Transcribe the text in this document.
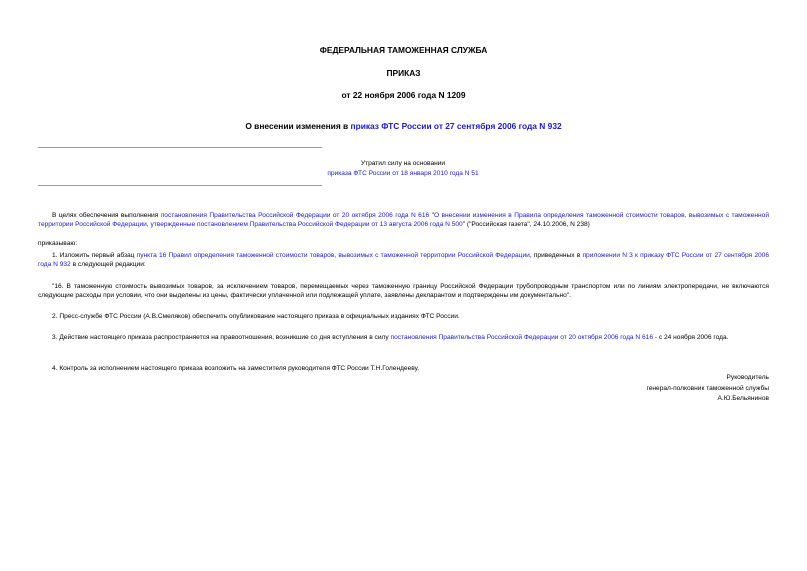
ФЕДЕРАЛЬНАЯ ТАМОЖЕННАЯ СЛУЖБА
ПРИКАЗ
от 22 ноября 2006 года N 1209
О внесении изменения в приказ ФТС России от 27 сентября 2006 года N 932
Утратил силу на основании
приказа ФТС России от 18 января 2010 года N 51
В целях обеспечения выполнения постановления Правительства Российской Федерации от 20 октября 2006 года N 616 "О внесении изменения в Правила определения таможенной стоимости товаров, вывозимых с таможенной территории Российской Федерации, утвержденные постановлением Правительства Российской Федерации от 13 августа 2006 года N 500" ("Российская газета", 24.10.2006, N 238)
приказываю:
1. Изложить первый абзац пункта 16 Правил определения таможенной стоимости товаров, вывозимых с таможенной территории Российской Федерации, приведенных в приложении N 3 к приказу ФТС России от 27 сентября 2006 года N 932 в следующей редакции:
"16. В таможенную стоимость вывозимых товаров, за исключением товаров, перемещаемых через таможенную границу Российской Федерации трубопроводным транспортом или по линиям электропередачи, не включаются следующие расходы при условии, что они выделены из цены, фактически уплаченной или подлежащей уплате, заявлены декларантом и подтверждены им документально".
2. Пресс-службе ФТС России (А.В.Смеляков) обеспечить опубликование настоящего приказа в официальных изданиях ФТС России.
3. Действие настоящего приказа распространяется на правоотношения, возникшие со дня вступления в силу постановления Правительства Российской Федерации от 20 октября 2006 года N 616 - с 24 ноября 2006 года.
4. Контроль за исполнением настоящего приказа возложить на заместителя руководителя ФТС России Т.Н.Голендееву.
Руководитель
генерал-полковник таможенной службы
А.Ю.Бельянинов
